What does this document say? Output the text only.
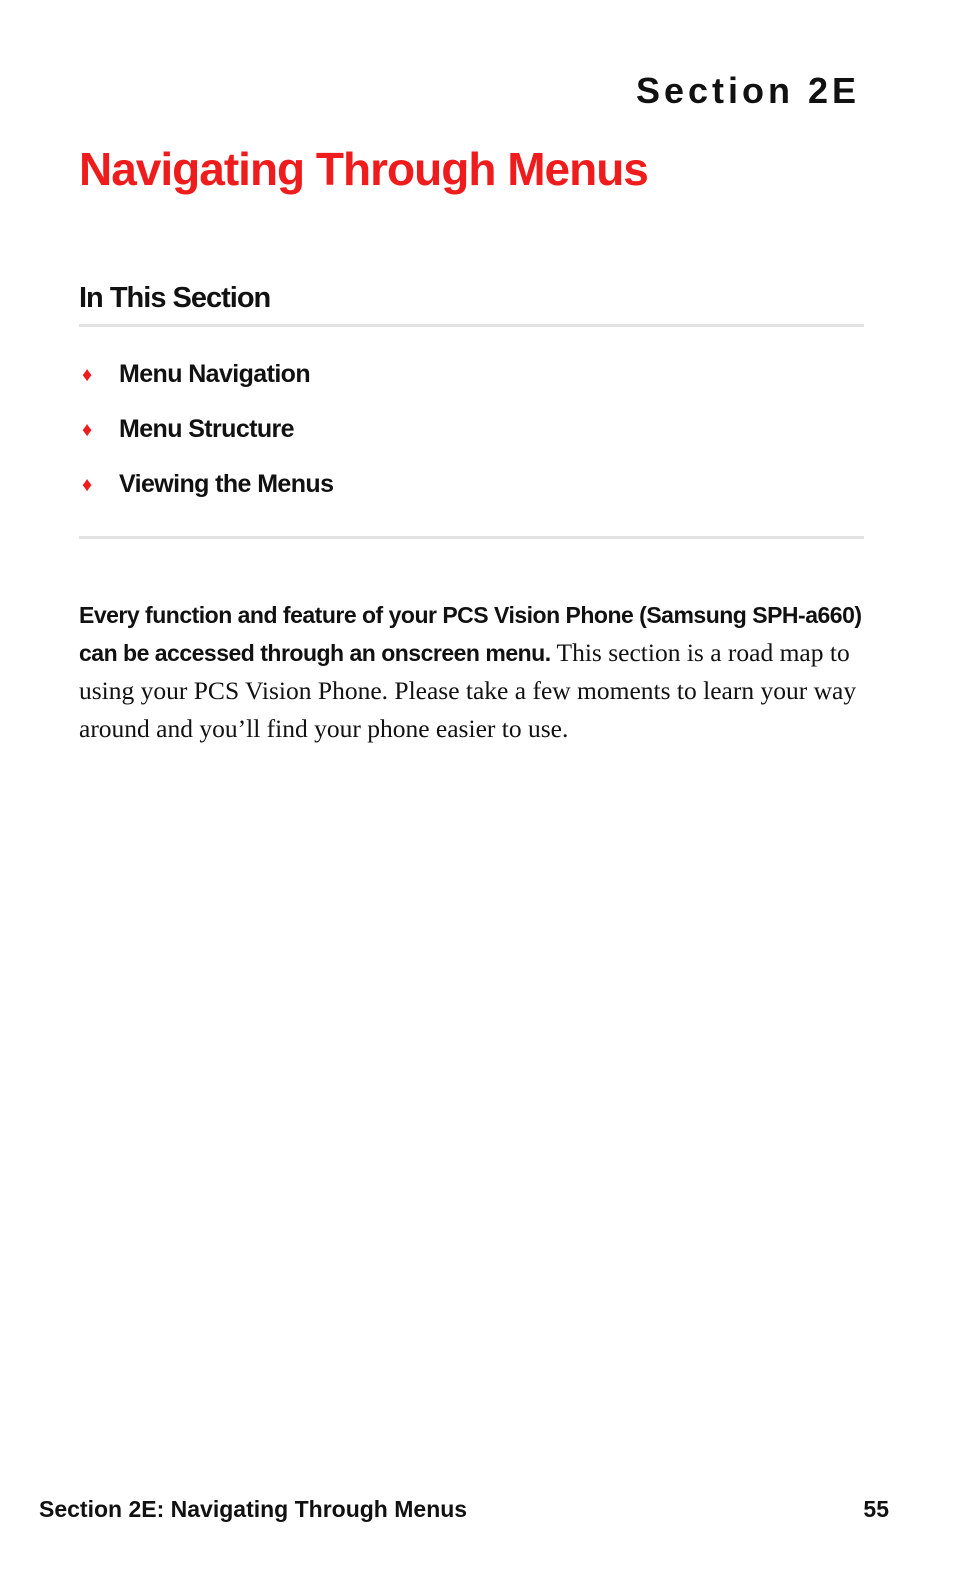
Section 2E
Navigating Through Menus
In This Section
♦	Menu Navigation
♦	Menu Structure
♦	Viewing the Menus

Every function and feature of your PCS Vision Phone (Samsung SPH-a660) can be accessed through an onscreen menu. This section is a road map to using your PCS Vision Phone. Please take a few moments to learn your way around and you’ll find your phone easier to use.

Section 2E: Navigating Through Menus	55
